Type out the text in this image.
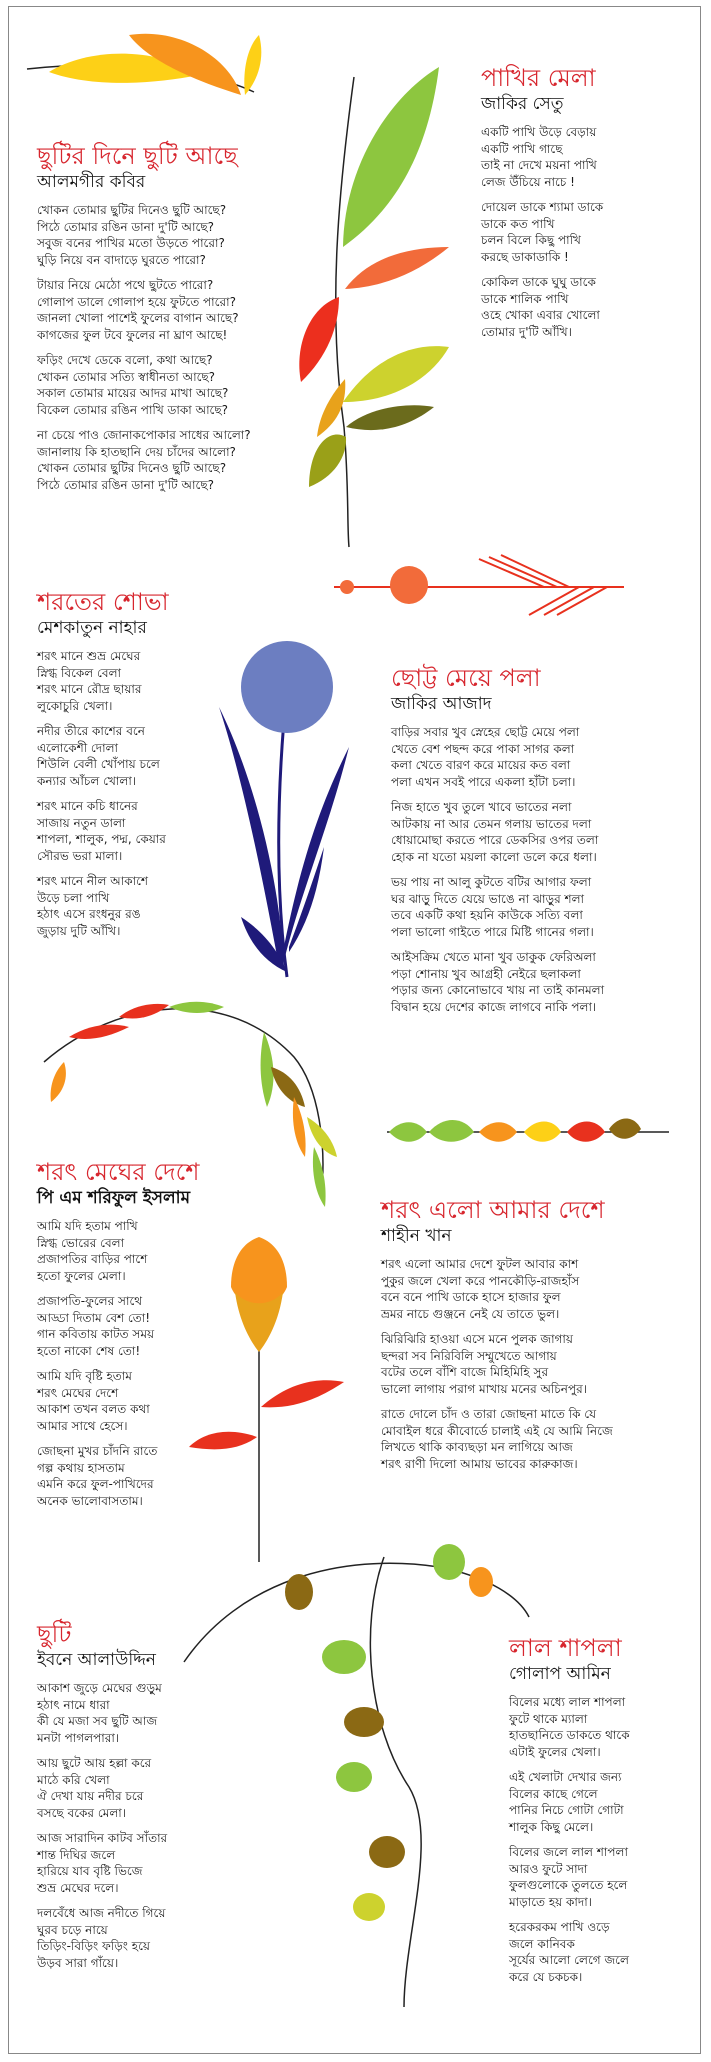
পাখির মেলা
জাকির সেতু
একটি পাখি উড়ে বেড়ায়
একটি পাখি গাছে
তাই না দেখে ময়না পাখি
লেজ উঁচিয়ে নাচে !
দোয়েল ডাকে শ্যামা ডাকে
ডাকে কত পাখি
চলন বিলে কিছু পাখি
করছে ডাকাডাকি !
কোকিল ডাকে ঘুঘু ডাকে
ডাকে শালিক পাখি
ওহে খোকা এবার খোলো
তোমার দু'টি আঁখি।
ছুটির দিনে ছুটি আছে
আলমগীর কবির
খোকন তোমার ছুটির দিনেও ছুটি আছে?
পিঠে তোমার রঙিন ডানা দু'টি আছে?
সবুজ বনের পাখির মতো উড়তে পারো?
ঘুড়ি নিয়ে বন বাদাড়ে ঘুরতে পারো?
টায়ার নিয়ে মেঠো পথে ছুটতে পারো?
গোলাপ ডালে গোলাপ হয়ে ফুটতে পারো?
জানলা খোলা পাশেই ফুলের বাগান আছে?
কাগজের ফুল টবে ফুলের না ঘ্রাণ আছে!
ফড়িং দেখে ডেকে বলো, কথা আছে?
খোকন তোমার সত্যি স্বাধীনতা আছে?
সকাল তোমার মায়ের আদর মাখা আছে?
বিকেল তোমার রঙিন পাখি ডাকা আছে?
না চেয়ে পাও জোনাকপোকার সাধের আলো?
জানালায় কি হাতছানি দেয় চাঁদের আলো?
খোকন তোমার ছুটির দিনেও ছুটি আছে?
পিঠে তোমার রঙিন ডানা দু'টি আছে?
শরতের শোভা
মেশকাতুন নাহার
শরৎ মানে শুভ্র মেঘের
স্নিগ্ধ বিকেল বেলা
শরৎ মানে রৌদ্র ছায়ার
লুকোচুরি খেলা।
নদীর তীরে কাশের বনে
এলোকেশী দোলা
শিউলি বেলী খোঁপায় চলে
কন্যার আঁচল খোলা।
শরৎ মানে কচি ধানের
সাজায় নতুন ডালা
শাপলা, শালুক, পদ্ম, কেয়ার
সৌরভ ভরা মালা।
শরৎ মানে নীল আকাশে
উড়ে চলা পাখি
হঠাৎ এসে রংধনুর রঙ
জুড়ায় দুটি আঁখি।
ছোট্ট মেয়ে পলা
জাকির আজাদ
বাড়ির সবার খুব স্নেহের ছোট্ট মেয়ে পলা
খেতে বেশ পছন্দ করে পাকা সাগর কলা
কলা খেতে বারণ করে মায়ের কত বলা
পলা এখন সবই পারে একলা হাঁটা চলা।
নিজ হাতে খুব তুলে খাবে ভাতের নলা
আটকায় না আর তেমন গলায় ভাতের দলা
ধোয়ামোছা করতে পারে ডেকসির ওপর তলা
হোক না যতো ময়লা কালো ডলে করে ধলা।
ভয় পায় না আলু কুটতে বটির আগার ফলা
ঘর ঝাড়ু দিতে যেয়ে ভাঙে না ঝাড়ুর শলা
তবে একটি কথা হয়নি কাউকে সত্যি বলা
পলা ভালো গাইতে পারে মিষ্টি গানের গলা।
আইসক্রিম খেতে মানা খুব ডাকুক ফেরিঅলা
পড়া শোনায় খুব আগ্রহী নেইরে ছলাকলা
পড়ার জন্য কোনোভাবে খায় না তাই কানমলা
বিদ্বান হয়ে দেশের কাজে লাগবে নাকি পলা।
শরৎ মেঘের দেশে
পি এম শরিফুল ইসলাম
আমি যদি হতাম পাখি
স্নিগ্ধ ভোরের বেলা
প্রজাপতির বাড়ির পাশে
হতো ফুলের মেলা।
প্রজাপতি-ফুলের সাথে
আড্ডা দিতাম বেশ তো!
গান কবিতায় কাটত সময়
হতো নাকো শেষ তো!
আমি যদি বৃষ্টি হতাম
শরৎ মেঘের দেশে
আকাশ তখন বলত কথা
আমার সাথে হেসে।
জোছনা মুখর চাঁদনি রাতে
গল্প কথায় হাসতাম
এমনি করে ফুল-পাখিদের
অনেক ভালোবাসতাম।
শরৎ এলো আমার দেশে
শাহীন খান
শরৎ এলো আমার দেশে ফুটল আবার কাশ
পুকুর জলে খেলা করে পানকৌড়ি-রাজহাঁস
বনে বনে পাখি ডাকে হাসে হাজার ফুল
ভ্রমর নাচে গুঞ্জনে নেই যে তাতে ভুল।
ঝিরিঝিরি হাওয়া এসে মনে পুলক জাগায়
ছন্দরা সব নিরিবিলি সম্মুখেতে আগায়
বটের তলে বাঁশি বাজে মিহিমিহি সুর
ভালো লাগায় পরাগ মাখায় মনের অচিনপুর।
রাতে দোলে চাঁদ ও তারা জোছনা মাতে কি যে
মোবাইল ধরে কীবোর্ডে চালাই এই যে আমি নিজে
লিখতে থাকি কাব্যছড়া মন লাগিয়ে আজ
শরৎ রাণী দিলো আমায় ভাবের কারুকাজ।
ছুটি
ইবনে আলাউদ্দিন
আকাশ জুড়ে মেঘের গুড়ুম
হঠাৎ নামে ধারা
কী যে মজা সব ছুটি আজ
মনটা পাগলপারা।
আয় ছুটে আয় হল্লা করে
মাঠে করি খেলা
ঐ দেখা যায় নদীর চরে
বসছে বকের মেলা।
আজ সারাদিন কাটব সাঁতার
শান্ত দিঘির জলে
হারিয়ে যাব বৃষ্টি ভিজে
শুভ্র মেঘের দলে।
দলবেঁধে আজ নদীতে গিয়ে
ঘুরব চড়ে নায়ে
তিড়িং-বিড়িং ফড়িং হয়ে
উড়ব সারা গাঁয়ে।
লাল শাপলা
গোলাপ আমিন
বিলের মধ্যে লাল শাপলা
ফুটে থাকে ম্যালা
হাতছানিতে ডাকতে থাকে
এটাই ফুলের খেলা।
এই খেলাটা দেখার জন্য
বিলের কাছে গেলে
পানির নিচে গোটা গোটা
শালুক কিছু মেলে।
বিলের জলে লাল শাপলা
আরও ফুটে সাদা
ফুলগুলোকে তুলতে হলে
মাড়াতে হয় কাদা।
হরেকরকম পাখি ওড়ে
জলে কানিবক
সূর্যের আলো লেগে জলে
করে যে চকচক।
